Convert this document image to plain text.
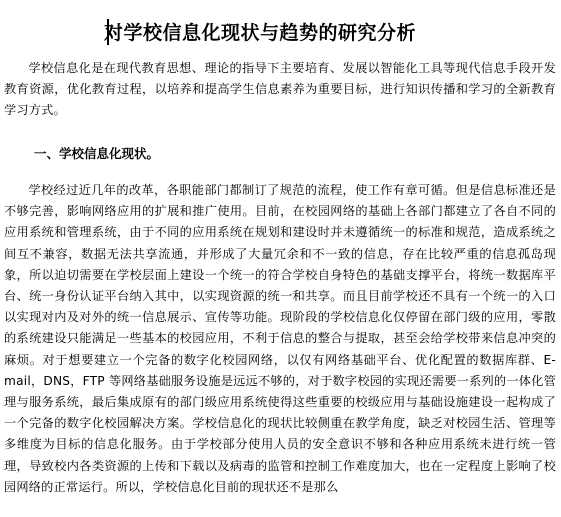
对学校信息化现状与趋势的研究分析

学校信息化是在现代教育思想、理论的指导下主要培育、发展以智能化工具等现代信息手段开发教育资源，优化教育过程，以培养和提高学生信息素养为重要目标，进行知识传播和学习的全新教育学习方式。

一、学校信息化现状。

学校经过近几年的改革，各职能部门都制订了规范的流程，使工作有章可循。但是信息标准还是不够完善，影响网络应用的扩展和推广使用。目前，在校园网络的基础上各部门都建立了各自不同的应用系统和管理系统，由于不同的应用系统在规划和建设时并未遵循统一的标准和规范，造成系统之间互不兼容，数据无法共享流通，并形成了大量冗余和不一致的信息，存在比较严重的信息孤岛现象，所以迫切需要在学校层面上建设一个统一的符合学校自身特色的基础支撑平台，将统一数据库平台、统一身份认证平台纳入其中，以实现资源的统一和共享。而且目前学校还不具有一个统一的入口以实现对内及对外的统一信息展示、宣传等功能。现阶段的学校信息化仅停留在部门级的应用，零散的系统建设只能满足一些基本的校园应用，不利于信息的整合与提取，甚至会给学校带来信息冲突的麻烦。对于想要建立一个完备的数字化校园网络，以仅有网络基础平台、优化配置的数据库群、E-mail，DNS，FTP 等网络基础服务设施是远远不够的，对于数字校园的实现还需要一系列的一体化管理与服务系统，最后集成原有的部门级应用系统使得这些重要的校级应用与基础设施建设一起构成了一个完备的数字化校园解决方案。学校信息化的现状比较侧重在教学角度，缺乏对校园生活、管理等多维度为目标的信息化服务。由于学校部分使用人员的安全意识不够和各种应用系统未进行统一管理，导致校内各类资源的上传和下载以及病毒的监管和控制工作难度加大，也在一定程度上影响了校园网络的正常运行。所以，学校信息化目前的现状还不是那么
